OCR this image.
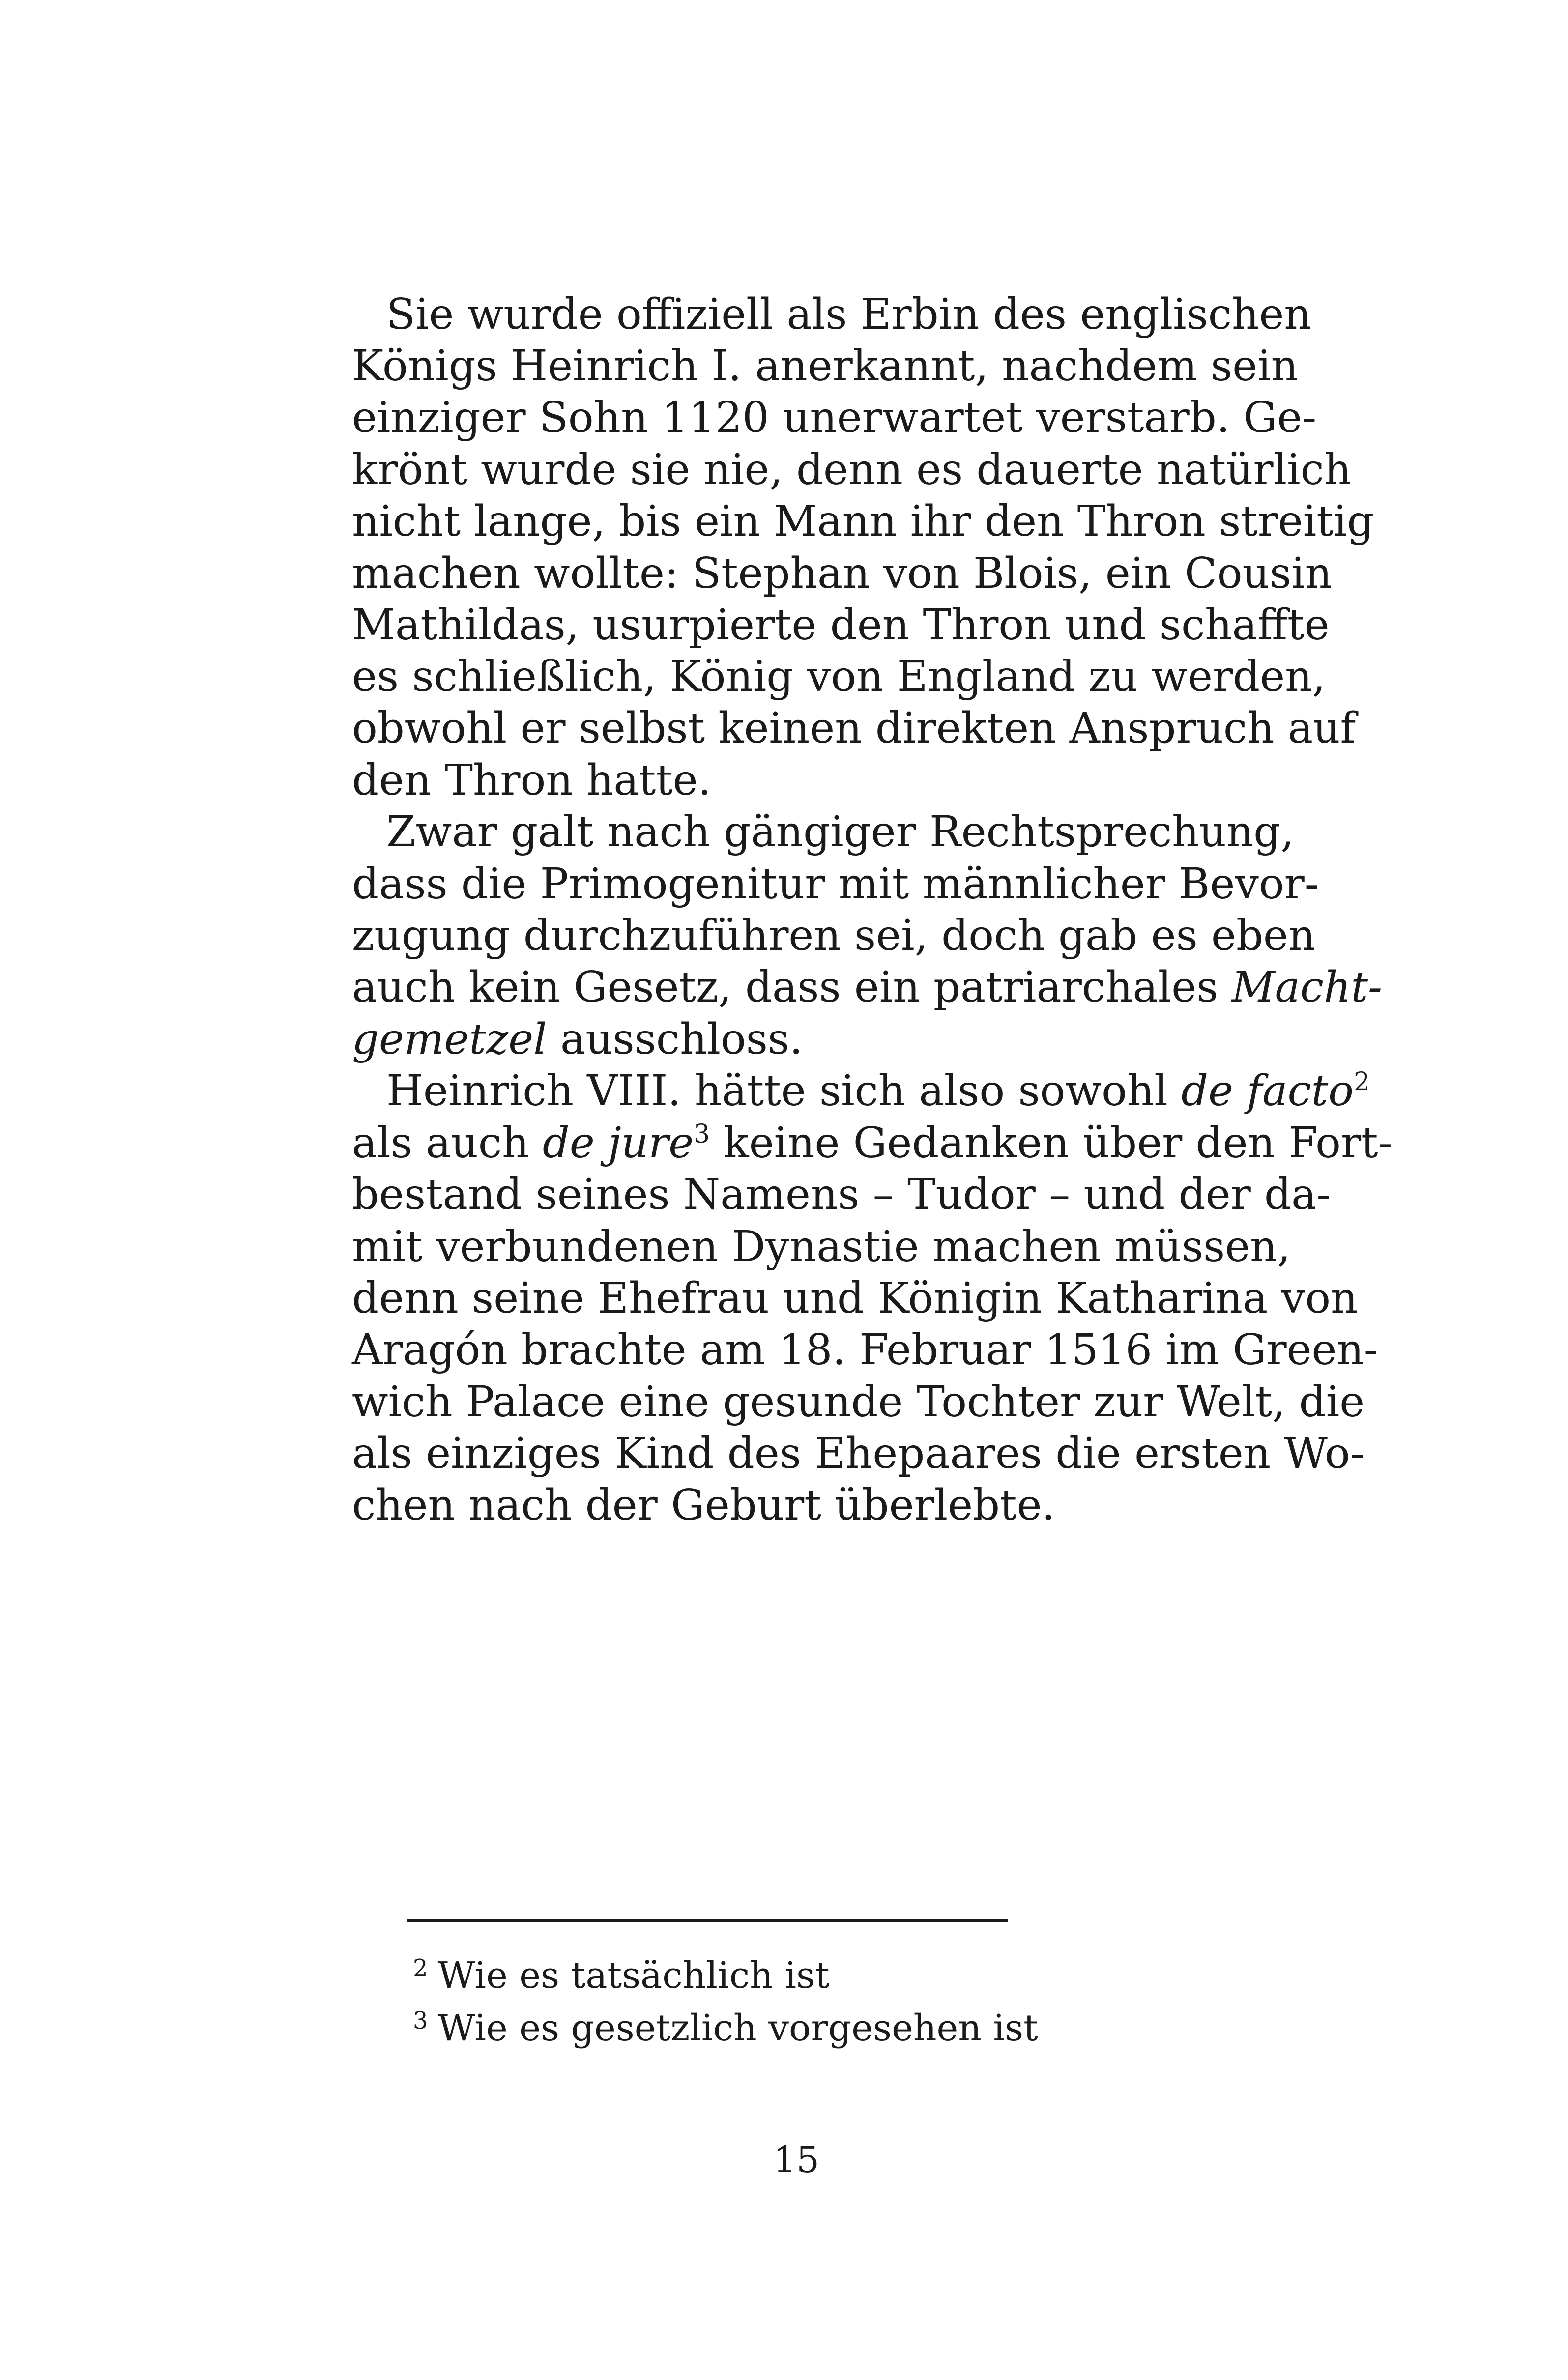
Sie wurde offiziell als Erbin des englischen
Königs Heinrich I. anerkannt, nachdem sein
einziger Sohn 1120 unerwartet verstarb. Ge-
krönt wurde sie nie, denn es dauerte natürlich
nicht lange, bis ein Mann ihr den Thron streitig
machen wollte: Stephan von Blois, ein Cousin
Mathildas, usurpierte den Thron und schaffte
es schließlich, König von England zu werden,
obwohl er selbst keinen direkten Anspruch auf
den Thron hatte.
Zwar galt nach gängiger Rechtsprechung,
dass die Primogenitur mit männlicher Bevor-
zugung durchzuführen sei, doch gab es eben
auch kein Gesetz, dass ein patriarchales Macht-
gemetzel ausschloss.
Heinrich VIII. hätte sich also sowohl de facto$^2$
als auch de jure$^3$ keine Gedanken über den Fort-
bestand seines Namens – Tudor – und der da-
mit verbundenen Dynastie machen müssen,
denn seine Ehefrau und Königin Katharina von
Aragón brachte am 18. Februar 1516 im Green-
wich Palace eine gesunde Tochter zur Welt, die
als einziges Kind des Ehepaares die ersten Wo-
chen nach der Geburt überlebte.
$^2$ Wie es tatsächlich ist
$^3$ Wie es gesetzlich vorgesehen ist
15
